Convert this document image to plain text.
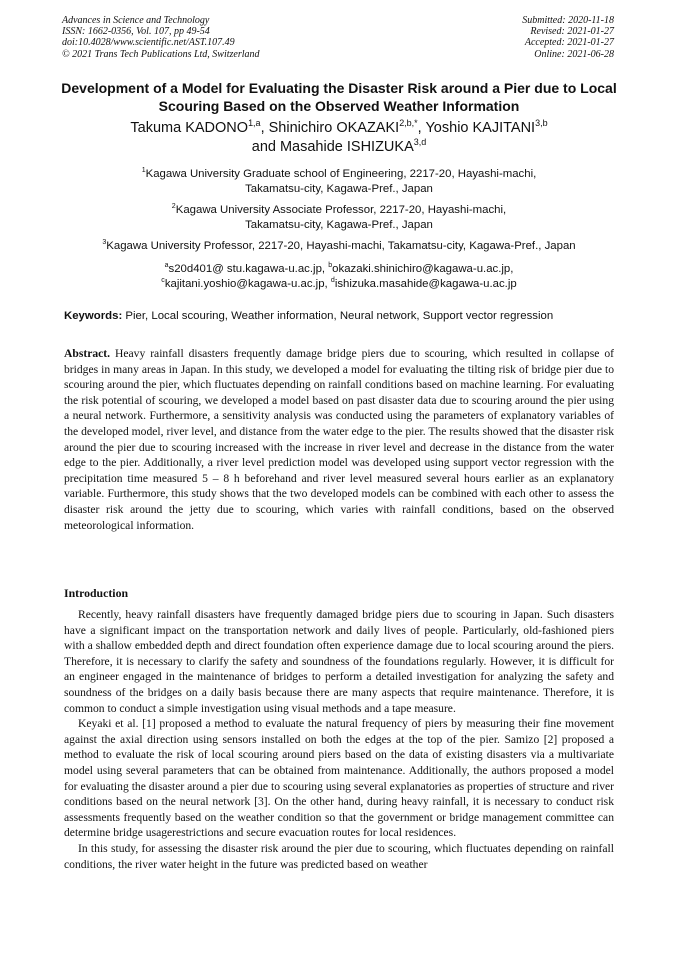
Advances in Science and Technology
ISSN: 1662-0356, Vol. 107, pp 49-54
doi:10.4028/www.scientific.net/AST.107.49
© 2021 Trans Tech Publications Ltd, Switzerland
Submitted: 2020-11-18
Revised: 2021-01-27
Accepted: 2021-01-27
Online: 2021-06-28
Development of a Model for Evaluating the Disaster Risk around a Pier due to Local Scouring Based on the Observed Weather Information
Takuma KADONO$^{1,a}$, Shinichiro $OKAZAKI^{2,b,*}$, Yoshio KAJITANI$^{3,b}$
and Masahide ISHIZUKA$^{3,d}$
$^1$Kagawa University Graduate school of Engineering, 2217-20, Hayashi-machi,
Takamatsu-city, Kagawa-Pref., Japan
$^2$Kagawa University Associate Professor, 2217-20, Hayashi-machi,
Takamatsu-city, Kagawa-Pref., Japan
$^3$Kagawa University Professor, 2217-20, Hayashi-machi, Takamatsu-city, Kagawa-Pref., Japan
$^a$s20d401@ stu.kagawa-u.ac.jp, $^b$okazaki.shinichiro@kagawa-u.ac.jp,
$^c$kajitani.yoshio@kagawa-u.ac.jp, $^d$ishizuka.masahide@kagawa-u.ac.jp
Keywords: Pier, Local scouring, Weather information, Neural network, Support vector regression

Abstract. Heavy rainfall disasters frequently damage bridge piers due to scouring, which resulted in collapse of bridges in many areas in Japan. In this study, we developed a model for evaluating the tilting risk of bridge pier due to scouring around the pier, which fluctuates depending on rainfall conditions based on machine learning. For evaluating the risk potential of scouring, we developed a model based on past disaster data due to scouring around the pier using a neural network. Furthermore, a sensitivity analysis was conducted using the parameters of explanatory variables of the developed model, river level, and distance from the water edge to the pier. The results showed that the disaster risk around the pier due to scouring increased with the increase in river level and decrease in the distance from the water edge to the pier. Additionally, a river level prediction model was developed using support vector regression with the precipitation time measured 5 – 8 h beforehand and river level measured several hours earlier as an explanatory variable. Furthermore, this study shows that the two developed models can be combined with each other to assess the disaster risk around the jetty due to scouring, which varies with rainfall conditions, based on the observed meteorological information.

Introduction

Recently, heavy rainfall disasters have frequently damaged bridge piers due to scouring in Japan. Such disasters have a significant impact on the transportation network and daily lives of people. Particularly, old-fashioned piers with a shallow embedded depth and direct foundation often experience damage due to local scouring around the piers. Therefore, it is necessary to clarify the safety and soundness of the foundations regularly. However, it is difficult for an engineer engaged in the maintenance of bridges to perform a detailed investigation for analyzing the safety and soundness of the bridges on a daily basis because there are many aspects that require maintenance. Therefore, it is common to conduct a simple investigation using visual methods and a tape measure.

Keyaki et al. [1] proposed a method to evaluate the natural frequency of piers by measuring their fine movement against the axial direction using sensors installed on both the edges at the top of the pier. Samizo [2] proposed a method to evaluate the risk of local scouring around piers based on the data of existing disasters via a multivariate model using several parameters that can be obtained from maintenance. Additionally, the authors proposed a model for evaluating the disaster around a pier due to scouring using several explanatories as properties of structure and river conditions based on the neural network [3]. On the other hand, during heavy rainfall, it is necessary to conduct risk assessments frequently based on the weather condition so that the government or bridge management committee can determine bridge usagerestrictions and secure evacuation routes for local residences.

In this study, for assessing the disaster risk around the pier due to scouring, which fluctuates depending on rainfall conditions, the river water height in the future was predicted based on weather
